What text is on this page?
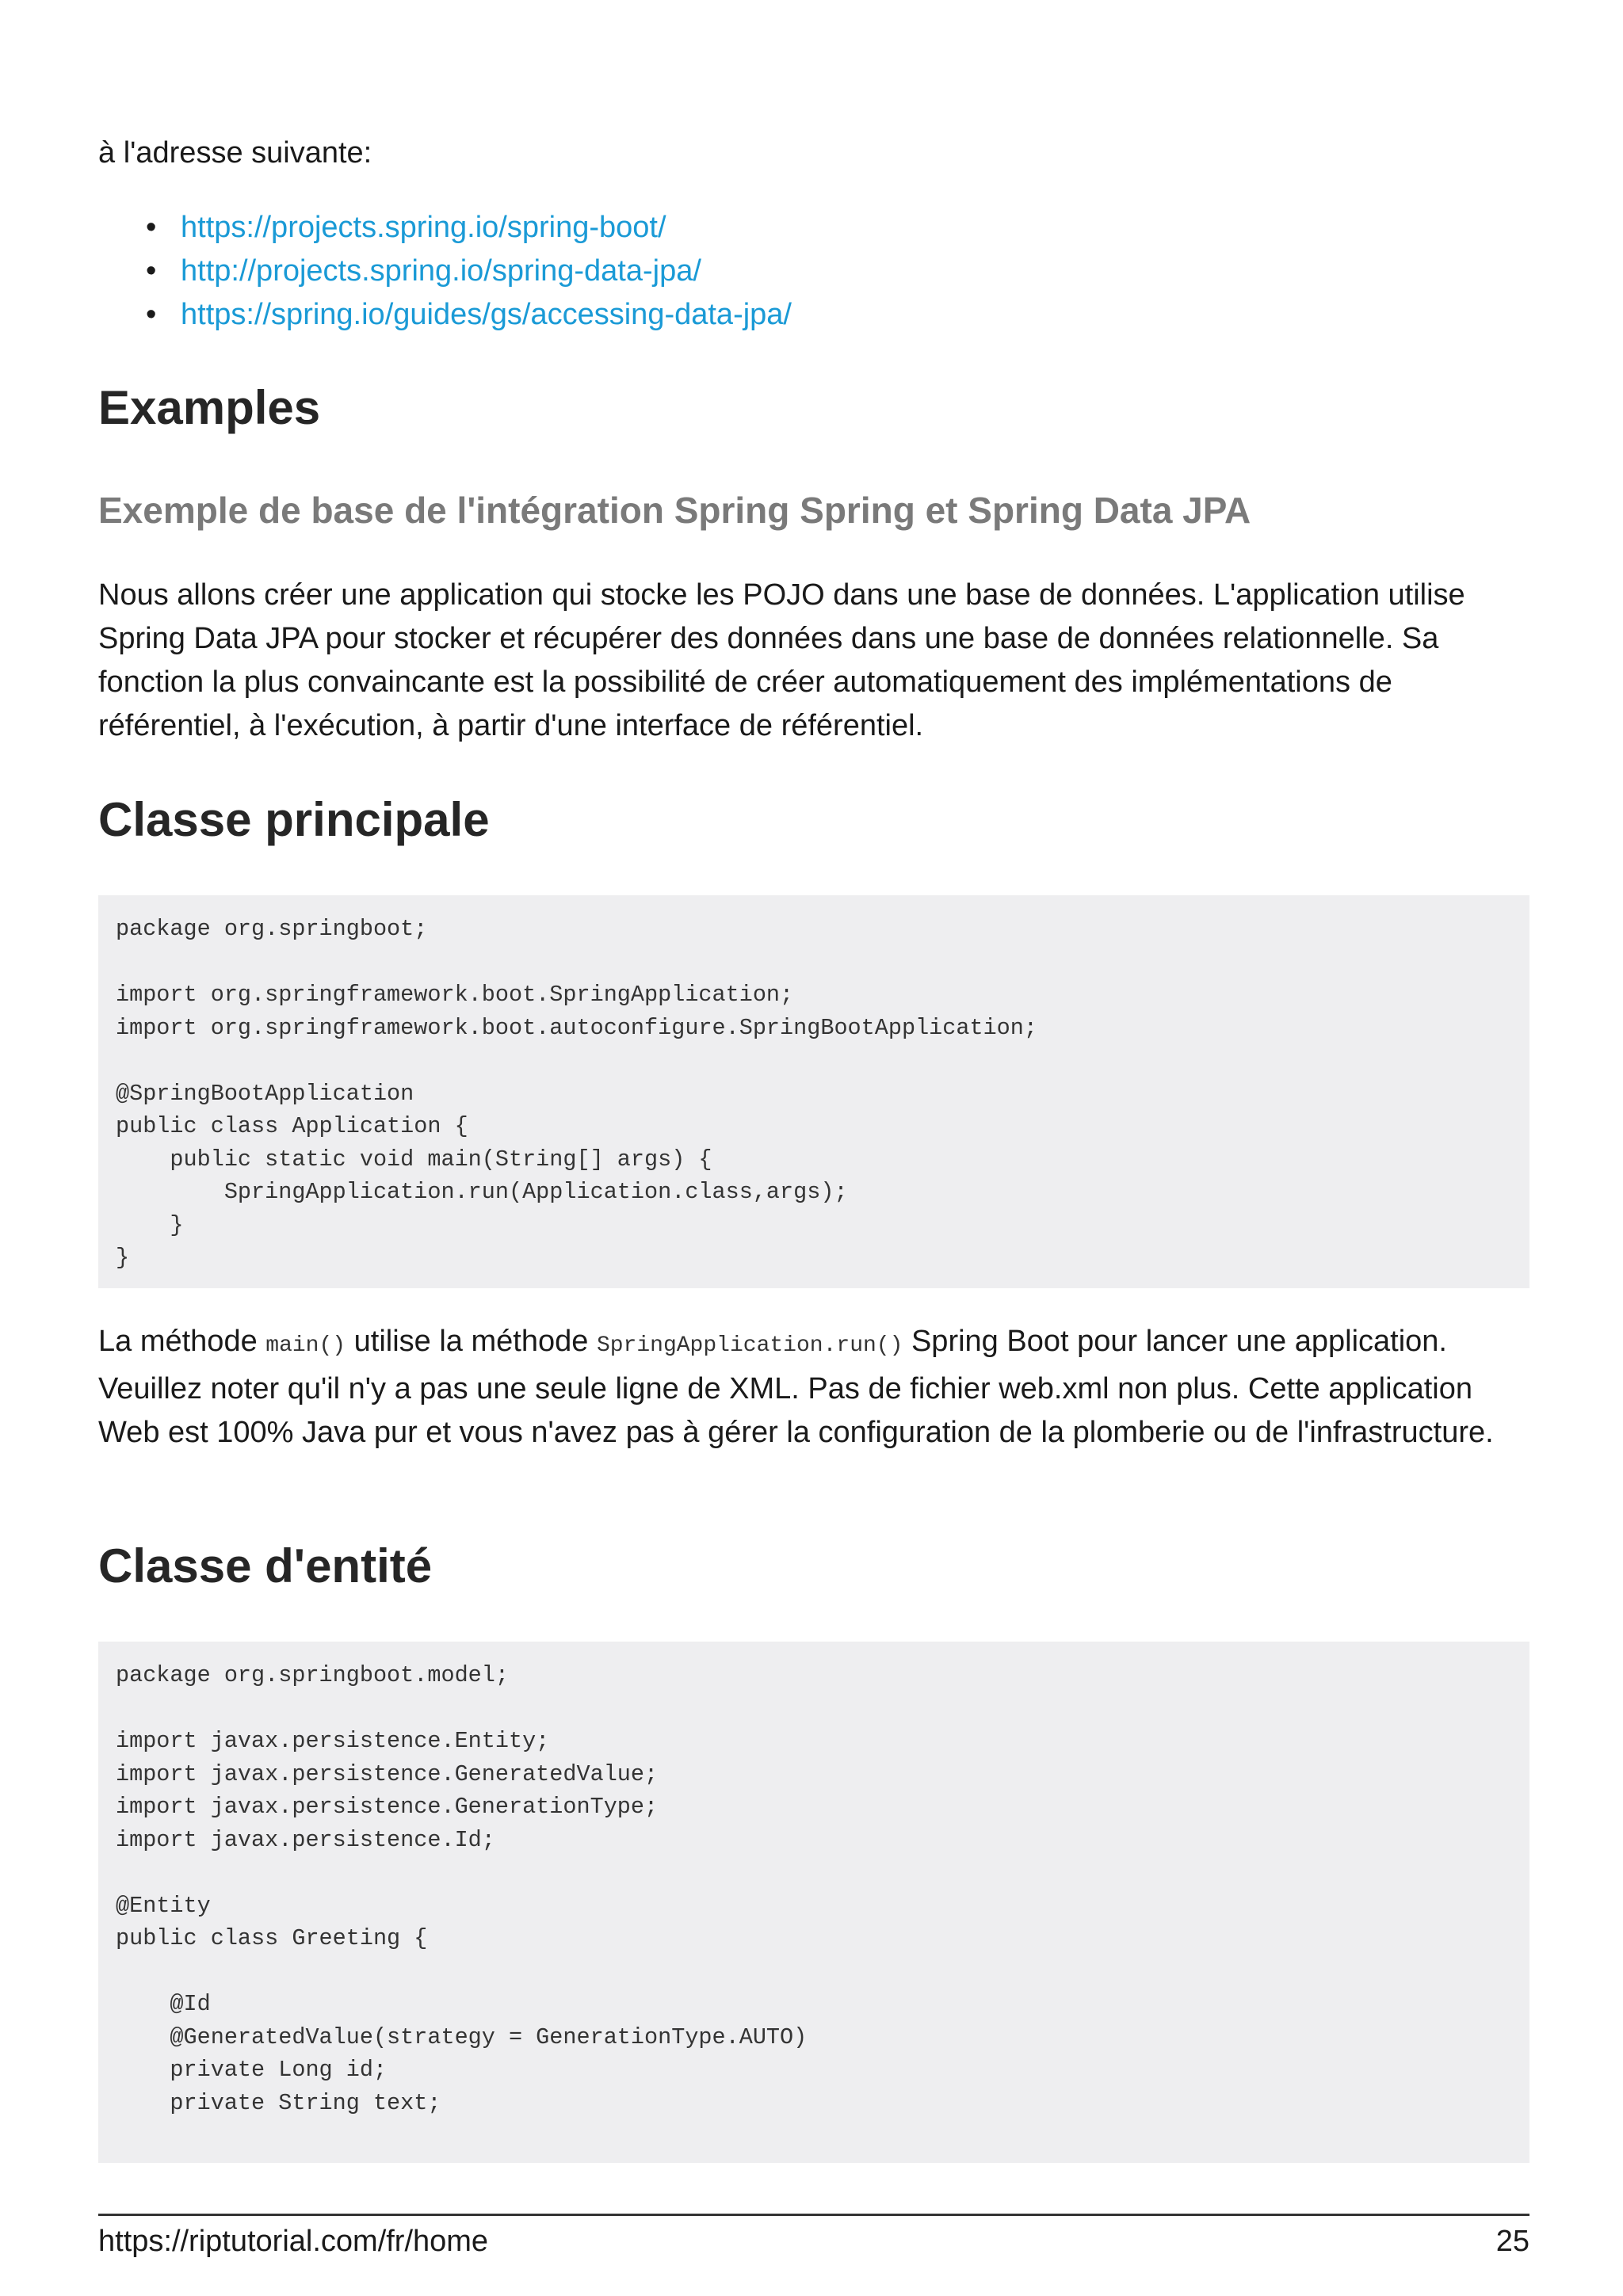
à l'adresse suivante:

• https://projects.spring.io/spring-boot/
• http://projects.spring.io/spring-data-jpa/
• https://spring.io/guides/gs/accessing-data-jpa/
Examples
Exemple de base de l'intégration Spring Spring et Spring Data JPA

Nous allons créer une application qui stocke les POJO dans une base de données. L'application utilise Spring Data JPA pour stocker et récupérer des données dans une base de données relationnelle. Sa fonction la plus convaincante est la possibilité de créer automatiquement des implémentations de référentiel, à l'exécution, à partir d'une interface de référentiel.

Classe principale
package org.springboot;

import org.springframework.boot.SpringApplication;
import org.springframework.boot.autoconfigure.SpringBootApplication;

@SpringBootApplication
public class Application {
public static void main(String[] args) {
SpringApplication.run(Application.class,args);
}
}

La méthode main() utilise la méthode SpringApplication.run() Spring Boot pour lancer une application. Veuillez noter qu'il n'y a pas une seule ligne de XML. Pas de fichier web.xml non plus. Cette application Web est 100% Java pur et vous n'avez pas à gérer la configuration de la plomberie ou de l'infrastructure.

Classe d'entité
package org.springboot.model;

import javax.persistence.Entity;
import javax.persistence.GeneratedValue;
import javax.persistence.GenerationType;
import javax.persistence.Id;

@Entity
public class Greeting {

@Id
@GeneratedValue(strategy = GenerationType.AUTO)
private Long id;
private String text;
https://riptutorial.com/fr/home	25
